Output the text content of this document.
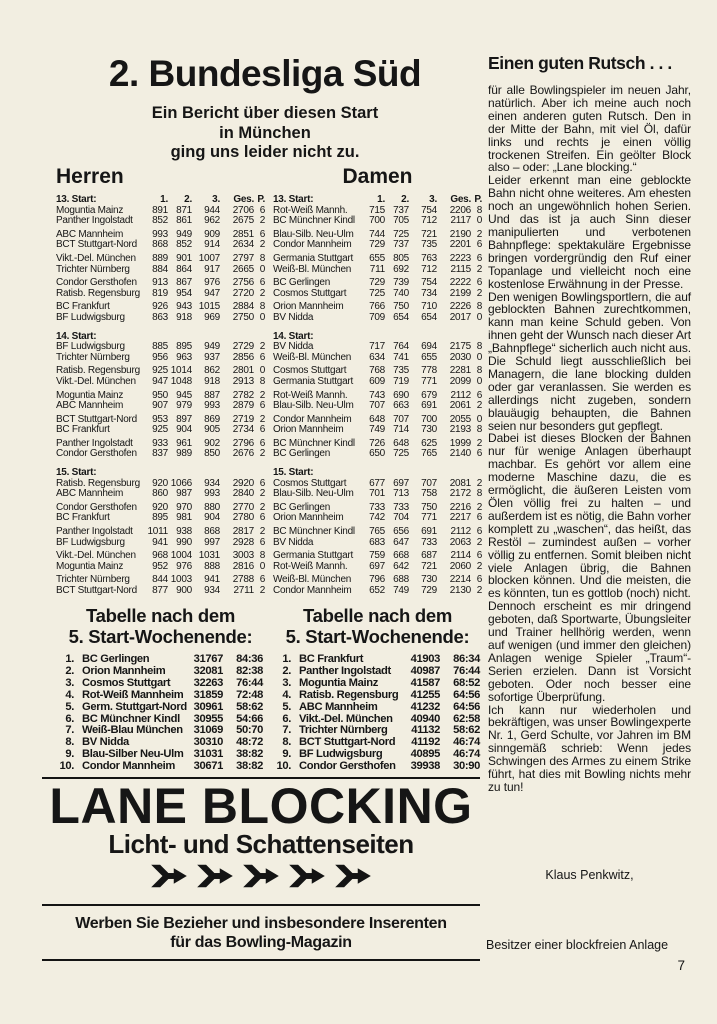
2. Bundesliga Süd
Ein Bericht über diesen Start
in München
ging uns leider nicht zu.
Herren
13. Start:	1.	2.	3.	Ges. P.
Moguntia Mainz	891 871	944	2706 6
Panther Ingolstadt	852 861	962	2675 2
ABC Mannheim	993 949	909	2851 6
BCT Stuttgart-Nord	868 852	914	2634 2
Vikt.-Del. München	889 901 1007	2797 8
Trichter Nürnberg	884 864	917	2665 0
Condor Gersthofen	913 867	976	2756 6
Ratisb. Regensburg	819 954	947	2720 2
BC Frankfurt	926 943 1015	2884 8
BF Ludwigsburg	863 918	969	2750 0
14. Start:
BF Ludwigsburg	885 895	949	2729 2
Trichter Nürnberg	956 963	937	2856 6
Ratisb. Regensburg	925 1014	862	2801 0
Vikt.-Del. München	947 1048	918	2913 8
Moguntia Mainz	950 945	887	2782 2
ABC Mannheim	907 979	993	2879 6
BCT Stuttgart-Nord	953 897	869	2719 2
BC Frankfurt	925 904	905	2734 6
Panther Ingolstadt	933 961	902	2796 6
Condor Gersthofen	837 989	850	2676 2
15. Start:
Ratisb. Regensburg	920 1066	934	2920 6
ABC Mannheim	860 987	993	2840 2
Condor Gersthofen	920 970	880	2770 2
BC Frankfurt	895 981	904	2780 6
Panther Ingolstadt	1011 938	868	2817 2
BF Ludwigsburg	941 990	997	2928 6
Vikt.-Del. München	968 1004 1031	3003 8
Moguntia Mainz	952 976	888	2816 0
Trichter Nürnberg	844 1003	941	2788 6
BCT Stuttgart-Nord	877 900	934	2711 2
Damen
13. Start:	1.	2.	3.	Ges. P.
Rot-Weiß Mannh.	715 737	754	2206 8
BC Münchner Kindl	700 705	712	2117 0
Blau-Silb. Neu-Ulm	744 725	721	2190 2
Condor Mannheim	729 737	735	2201 6
Germania Stuttgart	655 805	763	2223 6
Weiß-Bl. München	711 692	712	2115 2
BC Gerlingen	729 739	754	2222 6
Cosmos Stuttgart	725 740	734	2199 2
Orion Mannheim	766 750	710	2226 8
BV Nidda	709 654	654	2017 0
14. Start:
BV Nidda	717 764	694	2175 8
Weiß-Bl. München	634 741	655	2030 0
Cosmos Stuttgart	768 735	778	2281 8
Germania Stuttgart	609 719	771	2099 0
Rot-Weiß Mannh.	743 690	679	2112 6
Blau-Silb. Neu-Ulm	707 663	691	2061 2
Condor Mannheim	648 707	700	2055 0
Orion Mannheim	749 714	730	2193 8
BC Münchner Kindl	726 648	625	1999 2
BC Gerlingen	650 725	765	2140 6
15. Start:
Cosmos Stuttgart	677 697	707	2081 2
Blau-Silb. Neu-Ulm	701 713	758	2172 8
BC Gerlingen	733 733	750	2216 2
Orion Mannheim	742 704	771	2217 6
BC Münchner Kindl	765 656	691	2112 6
BV Nidda	683 647	733	2063 2
Germania Stuttgart	759 668	687	2114 6
Rot-Weiß Mannh.	697 642	721	2060 2
Weiß-Bl. München	796 688	730	2214 6
Condor Mannheim	652 749	729	2130 2
Tabelle nach dem
5. Start-Wochenende:
1. BC Gerlingen	31767	84:36
2. Orion Mannheim	32081	82:38
3. Cosmos Stuttgart	32263	76:44
4. Rot-Weiß Mannheim 31859	72:48
5. Germ. Stuttgart-Nord 30961	58:62
6. BC Münchner Kindl	30955	54:66
7. Weiß-Blau München 31069	50:70
8. BV Nidda	30310	48:72
9. Blau-Silber Neu-Ulm 31031	38:82
10. Condor Mannheim	30671	38:82
Tabelle nach dem
5. Start-Wochenende:
1. BC Frankfurt	41903	86:34
2. Panther Ingolstadt	40987	76:44
3. Moguntia Mainz	41587	68:52
4. Ratisb. Regensburg	41255	64:56
5. ABC Mannheim	41232	64:56
6. Vikt.-Del. München	40940	62:58
7. Trichter Nürnberg	41132	58:62
8. BCT Stuttgart-Nord	41192	46:74
9. BF Ludwigsburg	40895	46:74
10. Condor Gersthofen	39938	30:90
LANE BLOCKING
Licht- und Schattenseiten
Werben Sie Bezieher und insbesondere Inserenten
für das Bowling-Magazin
Einen guten Rutsch . . .

für alle Bowlingspieler im neuen Jahr, natürlich. Aber ich meine auch noch einen anderen guten Rutsch. Den in der Mitte der Bahn, mit viel Öl, dafür links und rechts je einen völlig trockenen Streifen. Ein geölter Block also – oder: „Lane blocking.“

Leider erkennt man eine geblockte Bahn nicht ohne weiteres. Am ehesten noch an ungewöhnlich hohen Serien. Und das ist ja auch Sinn dieser manipulierten und verbotenen Bahnpflege: spektakuläre Ergebnisse bringen vordergründig den Ruf einer Topanlage und vielleicht noch eine kostenlose Erwähnung in der Presse.

Den wenigen Bowlingsportlern, die auf geblockten Bahnen zurechtkommen, kann man keine Schuld geben. Von ihnen geht der Wunsch nach dieser Art „Bahnpflege“ sicherlich auch nicht aus. Die Schuld liegt ausschließlich bei Managern, die lane blocking dulden oder gar veranlassen. Sie werden es allerdings nicht zugeben, sondern blauäugig behaupten, die Bahnen seien nur besonders gut gepflegt.

Dabei ist dieses Blocken der Bahnen nur für wenige Anlagen überhaupt machbar. Es gehört vor allem eine moderne Maschine dazu, die es ermöglicht, die äußeren Leisten vom Ölen völlig frei zu halten – und außerdem ist es nötig, die Bahn vorher komplett zu „waschen“, das heißt, das Restöl – zumindest außen – vorher völlig zu entfernen. Somit bleiben nicht viele Anlagen übrig, die Bahnen blocken können. Und die meisten, die es könnten, tun es gottlob (noch) nicht.

Dennoch erscheint es mir dringend geboten, daß Sportwarte, Übungsleiter und Trainer hellhörig werden, wenn auf wenigen (und immer den gleichen) Anlagen wenige Spieler „Traum“-Serien erzielen. Dann ist Vorsicht geboten. Oder noch besser eine sofortige Überprüfung.

Ich kann nur wiederholen und bekräftigen, was unser Bowlingexperte Nr. 1, Gerd Schulte, vor Jahren im BM sinngemäß schrieb: Wenn jedes Schwingen des Armes zu einem Strike führt, hat dies mit Bowling nichts mehr zu tun!

Klaus Penkwitz,
Besitzer einer blockfreien Anlage
7
